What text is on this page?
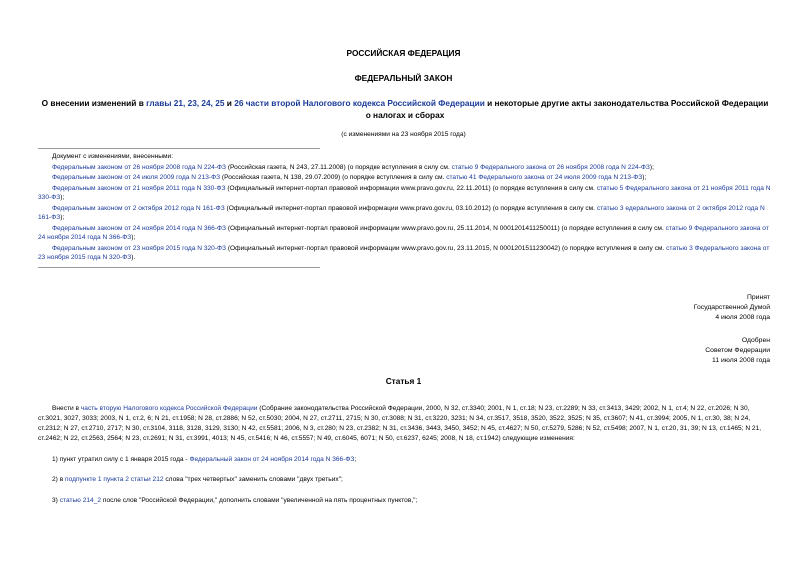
РОССИЙСКАЯ ФЕДЕРАЦИЯ
ФЕДЕРАЛЬНЫЙ ЗАКОН
О внесении изменений в главы 21, 23, 24, 25 и 26 части второй Налогового кодекса Российской Федерации и некоторые другие акты законодательства Российской Федерации о налогах и сборах
(с изменениями на 23 ноября 2015 года)

Документ с изменениями, внесенными:

Федеральным законом от 26 ноября 2008 года N 224-ФЗ (Российская газета, N 243, 27.11.2008) (о порядке вступления в силу см. статью 9 Федерального закона от 26 ноября 2008 года N 224-ФЗ);

Федеральным законом от 24 июля 2009 года N 213-ФЗ (Российская газета, N 138, 29.07.2009) (о порядке вступления в силу см. статью 41 Федерального закона от 24 июля 2009 года N 213-ФЗ);

Федеральным законом от 21 ноября 2011 года N 330-ФЗ (Официальный интернет-портал правовой информации www.pravo.gov.ru, 22.11.2011) (о порядке вступления в силу см. статью 5 Федерального закона от 21 ноября 2011 года N 330-ФЗ);

Федеральным законом от 2 октября 2012 года N 161-ФЗ (Официальный интернет-портал правовой информации www.pravo.gov.ru, 03.10.2012) (о порядке вступления в силу см. статью 3 едерального закона от 2 октября 2012 года N 161-ФЗ);

Федеральным законом от 24 ноября 2014 года N 366-ФЗ (Официальный интернет-портал правовой информации www.pravo.gov.ru, 25.11.2014, N 0001201411250011) (о порядке вступления в силу см. статью 9 Федерального закона от 24 ноября 2014 года N 366-ФЗ);

Федеральным законом от 23 ноября 2015 года N 320-ФЗ (Официальный интернет-портал правовой информации www.pravo.gov.ru, 23.11.2015, N 0001201511230042) (о порядке вступления в силу см. статью 3 Федерального закона от 23 ноября 2015 года N 320-ФЗ).

Принят
Государственной Думой
4 июля 2008 года
Одобрен
Советом Федерации
11 июля 2008 года
Статья 1

Внести в часть вторую Налогового кодекса Российской Федерации (Собрание законодательства Российской Федерации, 2000, N 32, ст.3340; 2001, N 1, ст.18; N 23, ст.2289; N 33, ст.3413, 3429; 2002, N 1, ст.4; N 22, ст.2026; N 30, ст.3021, 3027, 3033; 2003, N 1, ст.2, 6; N 21, ст.1958; N 28, ст.2886; N 52, ст.5030; 2004, N 27, ст.2711, 2715; N 30, ст.3088; N 31, ст.3220, 3231; N 34, ст.3517, 3518, 3520, 3522, 3525; N 35, ст.3607; N 41, ст.3994; 2005, N 1, ст.30, 38; N 24, ст.2312; N 27, ст.2710, 2717; N 30, ст.3104, 3118, 3128, 3129, 3130; N 42, ст.5581; 2006, N 3, ст.280; N 23, ст.2382; N 31, ст.3436, 3443, 3450, 3452; N 45, ст.4627; N 50, ст.5279, 5286; N 52, ст.5498; 2007, N 1, ст.20, 31, 39; N 13, ст.1465; N 21, ст.2462; N 22, ст.2563, 2564; N 23, ст.2691; N 31, ст.3991, 4013; N 45, ст.5416; N 46, ст.5557; N 49, ст.6045, 6071; N 50, ст.6237, 6245; 2008, N 18, ст.1942) следующие изменения:

1) пункт утратил силу с 1 января 2015 года - Федеральный закон от 24 ноября 2014 года N 366-ФЗ;

2) в подпункте 1 пункта 2 статьи 212 слова "трех четвертых" заменить словами "двух третьих";

3) статью 214_2 после слов "Российской Федерации," дополнить словами "увеличенной на пять процентных пунктов,";
